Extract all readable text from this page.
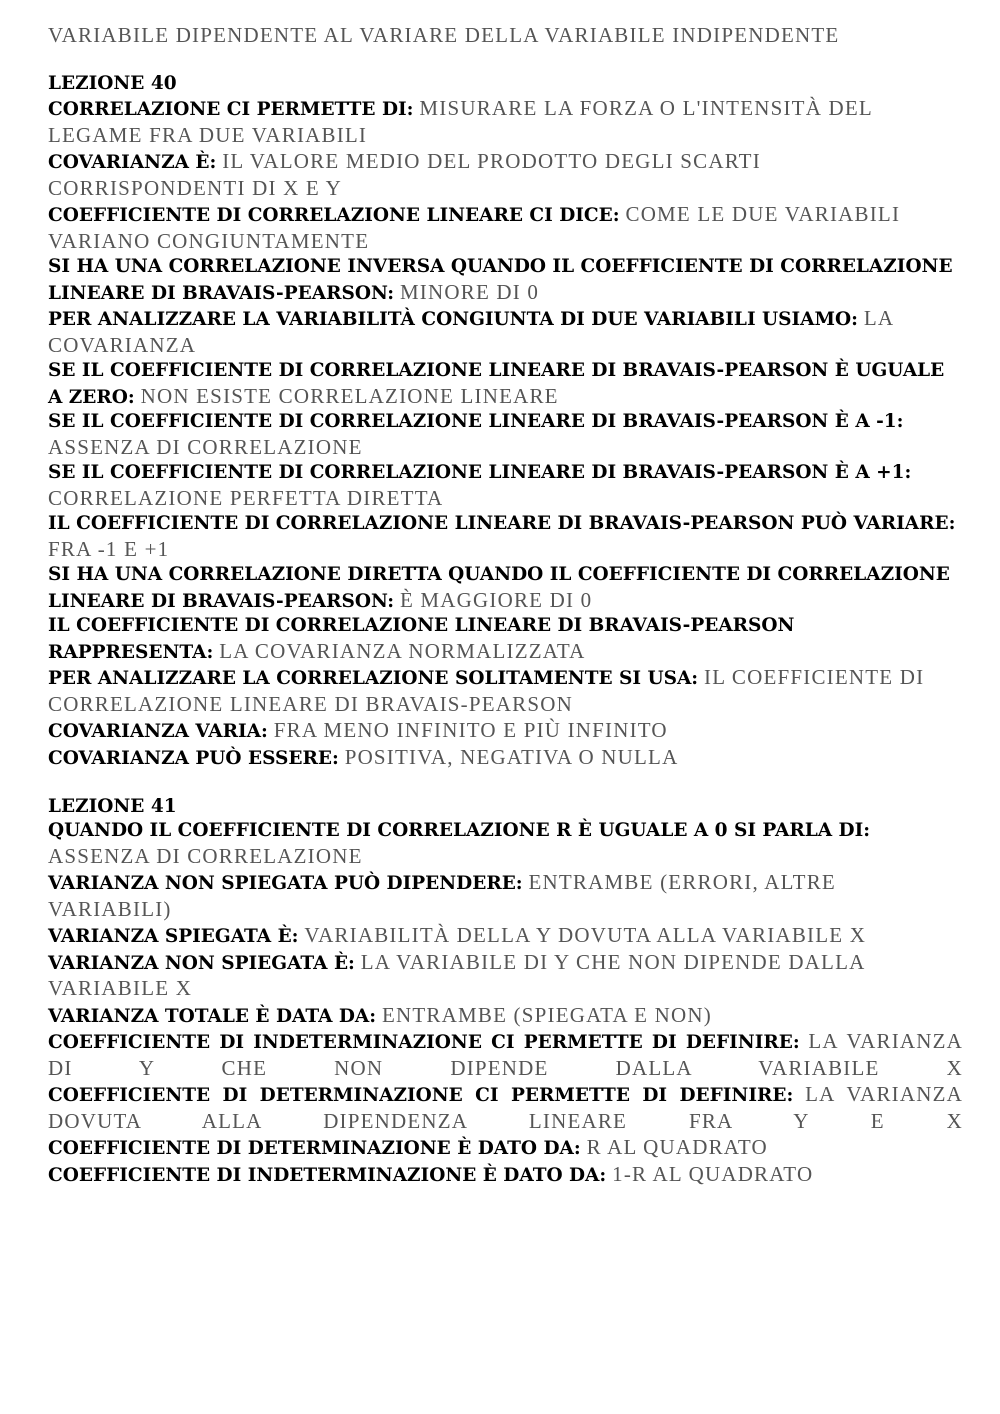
VARIABILE DIPENDENTE AL VARIARE DELLA VARIABILE INDIPENDENTE

LEZIONE 40

CORRELAZIONE CI PERMETTE DI: MISURARE LA FORZA O L'INTENSITÀ DEL LEGAME FRA DUE VARIABILI

COVARIANZA È: IL VALORE MEDIO DEL PRODOTTO DEGLI SCARTI CORRISPONDENTI DI X E Y

COEFFICIENTE DI CORRELAZIONE LINEARE CI DICE: COME LE DUE VARIABILI VARIANO CONGIUNTAMENTE

SI HA UNA CORRELAZIONE INVERSA QUANDO IL COEFFICIENTE DI CORRELAZIONE LINEARE DI BRAVAIS-PEARSON: MINORE DI 0

PER ANALIZZARE LA VARIABILITÀ CONGIUNTA DI DUE VARIABILI USIAMO: LA COVARIANZA

SE IL COEFFICIENTE DI CORRELAZIONE LINEARE DI BRAVAIS-PEARSON È UGUALE A ZERO: NON ESISTE CORRELAZIONE LINEARE

SE IL COEFFICIENTE DI CORRELAZIONE LINEARE DI BRAVAIS-PEARSON È A -1: ASSENZA DI CORRELAZIONE

SE IL COEFFICIENTE DI CORRELAZIONE LINEARE DI BRAVAIS-PEARSON È A +1: CORRELAZIONE PERFETTA DIRETTA

IL COEFFICIENTE DI CORRELAZIONE LINEARE DI BRAVAIS-PEARSON PUÒ VARIARE: FRA -1 E +1

SI HA UNA CORRELAZIONE DIRETTA QUANDO IL COEFFICIENTE DI CORRELAZIONE LINEARE DI BRAVAIS-PEARSON: È MAGGIORE DI 0

IL COEFFICIENTE DI CORRELAZIONE LINEARE DI BRAVAIS-PEARSON RAPPRESENTA: LA COVARIANZA NORMALIZZATA

PER ANALIZZARE LA CORRELAZIONE SOLITAMENTE SI USA: IL COEFFICIENTE DI CORRELAZIONE LINEARE DI BRAVAIS-PEARSON

COVARIANZA VARIA: FRA MENO INFINITO E PIÙ INFINITO

COVARIANZA PUÒ ESSERE: POSITIVA, NEGATIVA O NULLA

LEZIONE 41

QUANDO IL COEFFICIENTE DI CORRELAZIONE R È UGUALE A 0 SI PARLA DI: ASSENZA DI CORRELAZIONE

VARIANZA NON SPIEGATA PUÒ DIPENDERE: ENTRAMBE (ERRORI, ALTRE VARIABILI)

VARIANZA SPIEGATA È: VARIABILITÀ DELLA Y DOVUTA ALLA VARIABILE X

VARIANZA NON SPIEGATA È: LA VARIABILE DI Y CHE NON DIPENDE DALLA VARIABILE X

VARIANZA TOTALE È DATA DA: ENTRAMBE (SPIEGATA E NON)

COEFFICIENTE DI INDETERMINAZIONE CI PERMETTE DI DEFINIRE: LA VARIANZA DI Y CHE NON DIPENDE DALLA VARIABILE X

COEFFICIENTE DI DETERMINAZIONE CI PERMETTE DI DEFINIRE: LA VARIANZA DOVUTA ALLA DIPENDENZA LINEARE FRA Y E X

COEFFICIENTE DI DETERMINAZIONE È DATO DA: R AL QUADRATO

COEFFICIENTE DI INDETERMINAZIONE È DATO DA: 1-R AL QUADRATO
